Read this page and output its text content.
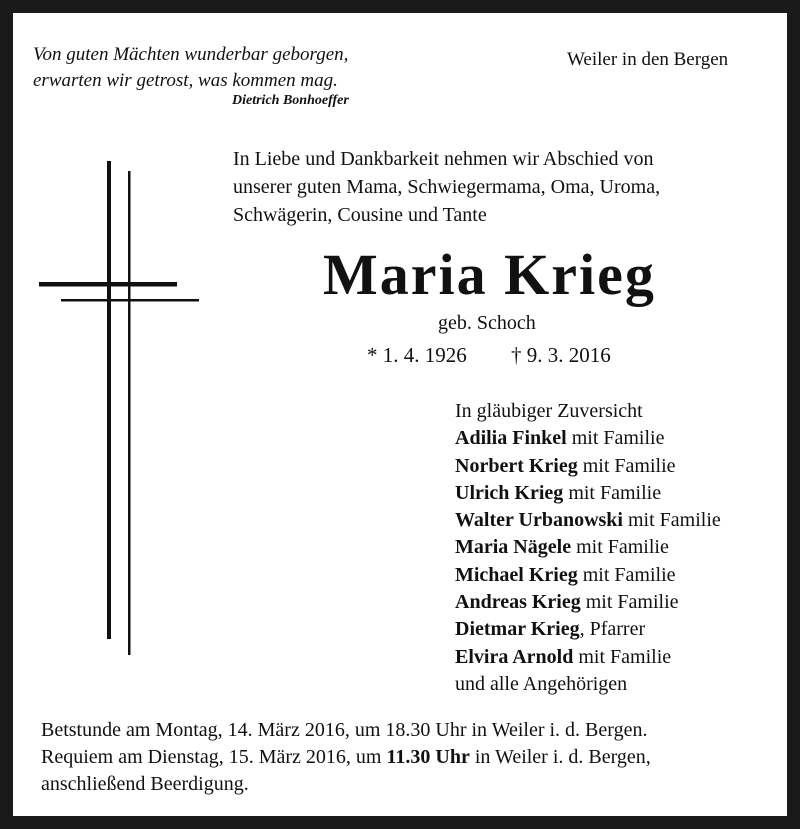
Von guten Mächten wunderbar geborgen,
erwarten wir getrost, was kommen mag.
Dietrich Bonhoeffer
Weiler in den Bergen
In Liebe und Dankbarkeit nehmen wir Abschied von
unserer guten Mama, Schwiegermama, Oma, Uroma,
Schwägerin, Cousine und Tante
Maria Krieg
geb. Schoch
* 1. 4. 1926 † 9. 3. 2016
In gläubiger Zuversicht
Adilia Finkel mit Familie
Norbert Krieg mit Familie
Ulrich Krieg mit Familie
Walter Urbanowski mit Familie
Maria Nägele mit Familie
Michael Krieg mit Familie
Andreas Krieg mit Familie
Dietmar Krieg, Pfarrer
Elvira Arnold mit Familie
und alle Angehörigen
Betstunde am Montag, 14. März 2016, um 18.30 Uhr in Weiler i. d. Bergen.
Requiem am Dienstag, 15. März 2016, um 11.30 Uhr in Weiler i. d. Bergen,
anschließend Beerdigung.
